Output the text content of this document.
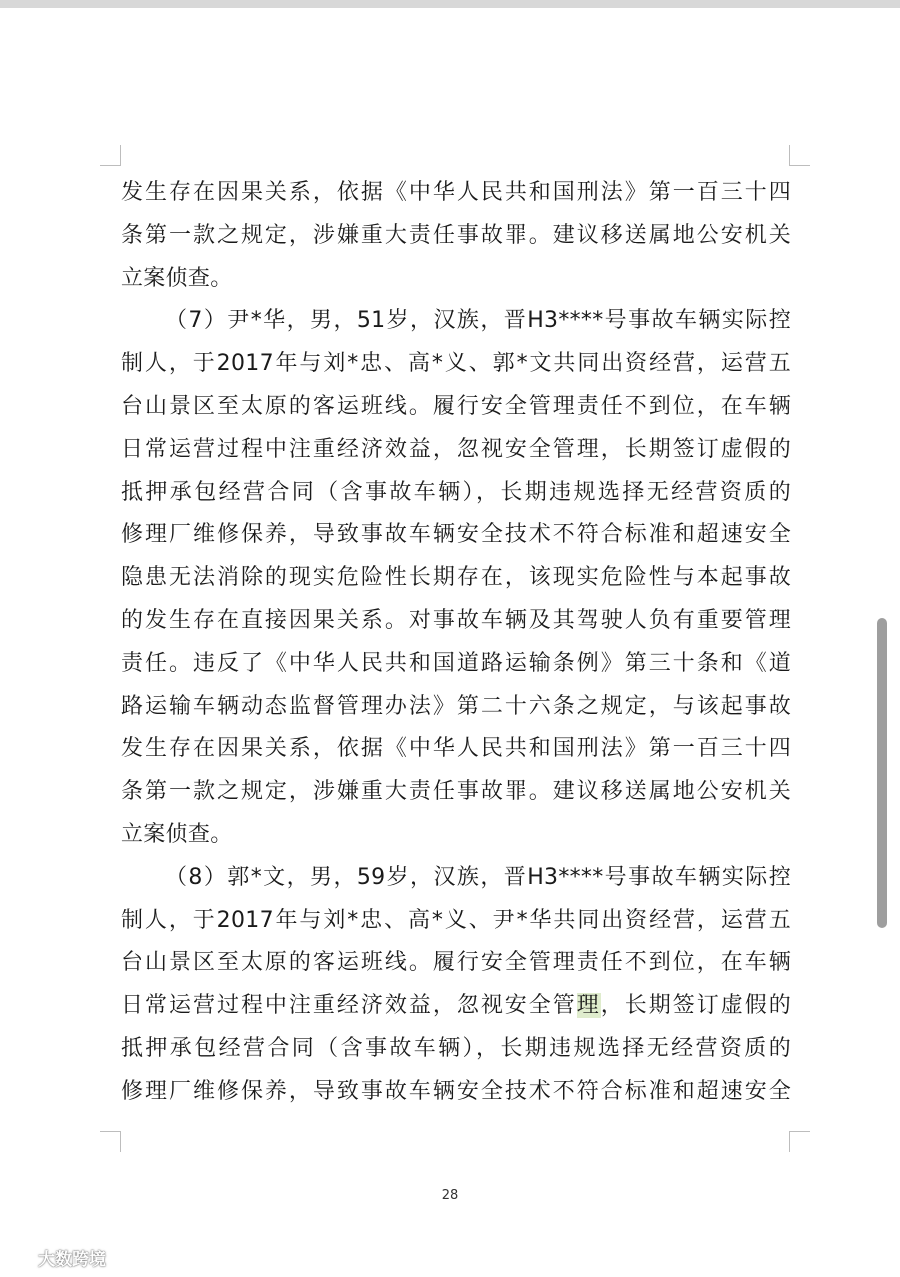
发生存在因果关系，依据《中华人民共和国刑法》第一百三十四
条第一款之规定，涉嫌重大责任事故罪。建议移送属地公安机关
立案侦查。
（7）尹*华，男，51岁，汉族，晋H3****号事故车辆实际控
制人，于2017年与刘*忠、高*义、郭*文共同出资经营，运营五
台山景区至太原的客运班线。履行安全管理责任不到位，在车辆
日常运营过程中注重经济效益，忽视安全管理，长期签订虚假的
抵押承包经营合同（含事故车辆），长期违规选择无经营资质的
修理厂维修保养，导致事故车辆安全技术不符合标准和超速安全
隐患无法消除的现实危险性长期存在，该现实危险性与本起事故
的发生存在直接因果关系。对事故车辆及其驾驶人负有重要管理
责任。违反了《中华人民共和国道路运输条例》第三十条和《道
路运输车辆动态监督管理办法》第二十六条之规定，与该起事故
发生存在因果关系，依据《中华人民共和国刑法》第一百三十四
条第一款之规定，涉嫌重大责任事故罪。建议移送属地公安机关
立案侦查。
（8）郭*文，男，59岁，汉族，晋H3****号事故车辆实际控
制人，于2017年与刘*忠、高*义、尹*华共同出资经营，运营五
台山景区至太原的客运班线。履行安全管理责任不到位，在车辆
日常运营过程中注重经济效益，忽视安全管理，长期签订虚假的
抵押承包经营合同（含事故车辆），长期违规选择无经营资质的
修理厂维修保养，导致事故车辆安全技术不符合标准和超速安全
28
大数跨境
